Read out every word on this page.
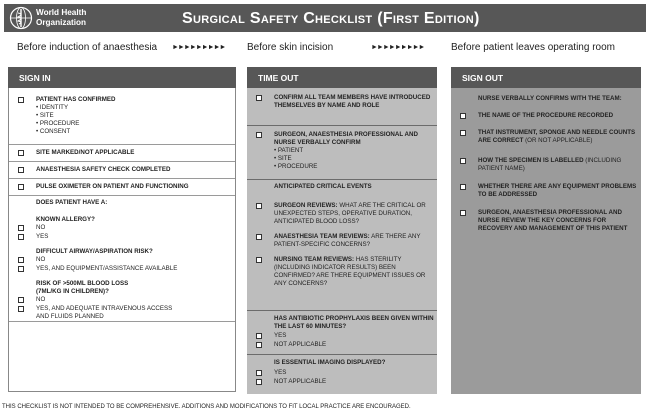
World Health
Organization	Surgical Safety Checklist (First Edition)
Before induction of anaesthesia ►►►►►►►►► Before skin incision	►►►►►►►►►	Before patient leaves operating room
SIGN IN
PATIENT HAS CONFIRMED
• IDENTITY
• SITE
• PROCEDURE
• CONSENT
SITE MARKED/NOT APPLICABLE
ANAESTHESIA SAFETY CHECK COMPLETED
PULSE OXIMETER ON PATIENT AND FUNCTIONING
DOES PATIENT HAVE A:
KNOWN ALLERGY?
NO
YES
DIFFICULT AIRWAY/ASPIRATION RISK?
NO
YES, AND EQUIPMENT/ASSISTANCE AVAILABLE
RISK OF >500ML BLOOD LOSS
(7ML/KG IN CHILDREN)?
NO
YES, AND ADEQUATE INTRAVENOUS ACCESS
AND FLUIDS PLANNED
TIME OUT
CONFIRM ALL TEAM MEMBERS HAVE INTRODUCED THEMSELVES BY NAME AND ROLE
SURGEON, ANAESTHESIA PROFESSIONAL AND NURSE VERBALLY CONFIRM
• PATIENT
• SITE
• PROCEDURE
ANTICIPATED CRITICAL EVENTS
SURGEON REVIEWS: WHAT ARE THE CRITICAL OR UNEXPECTED STEPS, OPERATIVE DURATION, ANTICIPATED BLOOD LOSS?
ANAESTHESIA TEAM REVIEWS: ARE THERE ANY PATIENT-SPECIFIC CONCERNS?
NURSING TEAM REVIEWS: HAS STERILITY (INCLUDING INDICATOR RESULTS) BEEN CONFIRMED? ARE THERE EQUIPMENT ISSUES OR ANY CONCERNS?
HAS ANTIBIOTIC PROPHYLAXIS BEEN GIVEN WITHIN THE LAST 60 MINUTES?
YES
NOT APPLICABLE
IS ESSENTIAL IMAGING DISPLAYED?
YES
NOT APPLICABLE
SIGN OUT
NURSE VERBALLY CONFIRMS WITH THE TEAM:
THE NAME OF THE PROCEDURE RECORDED
THAT INSTRUMENT, SPONGE AND NEEDLE COUNTS ARE CORRECT (OR NOT APPLICABLE)
HOW THE SPECIMEN IS LABELLED (INCLUDING PATIENT NAME)
WHETHER THERE ARE ANY EQUIPMENT PROBLEMS TO BE ADDRESSED
SURGEON, ANAESTHESIA PROFESSIONAL AND NURSE REVIEW THE KEY CONCERNS FOR RECOVERY AND MANAGEMENT OF THIS PATIENT
THIS CHECKLIST IS NOT INTENDED TO BE COMPREHENSIVE. ADDITIONS AND MODIFICATIONS TO FIT LOCAL PRACTICE ARE ENCOURAGED.
